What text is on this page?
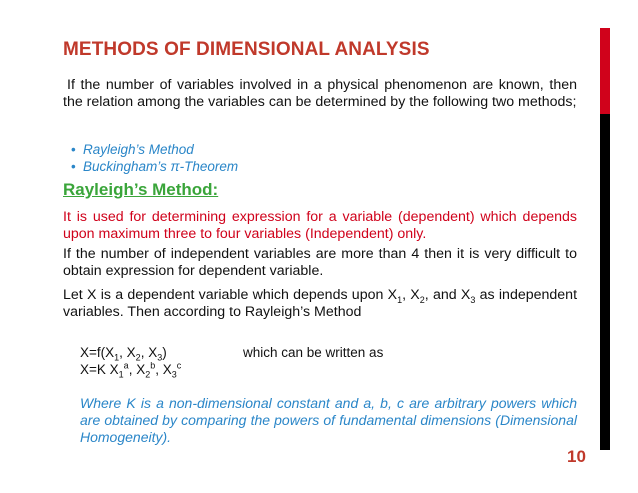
METHODS OF DIMENSIONAL ANALYSIS

If the number of variables involved in a physical phenomenon are known, then the relation among the variables can be determined by the following two methods;

• Rayleigh’s Method
• Buckingham’s π-Theorem
Rayleigh’s Method:

It is used for determining expression for a variable (dependent) which depends upon maximum three to four variables (Independent) only.

If the number of independent variables are more than 4 then it is very difficult to obtain expression for dependent variable.

Let X is a dependent variable which depends upon $X_1$, $X_2$, and $X_3$ as independent variables. Then according to Rayleigh’s Method

$X=f(X_1$, $X_2$, $X_3$)	which can be written as

X=K $X_1^a$, $X_2^b$, $X_3^c$

Where K is a non-dimensional constant and a, b, c are arbitrary powers which are obtained by comparing the powers of fundamental dimensions (Dimensional Homogeneity).

10
